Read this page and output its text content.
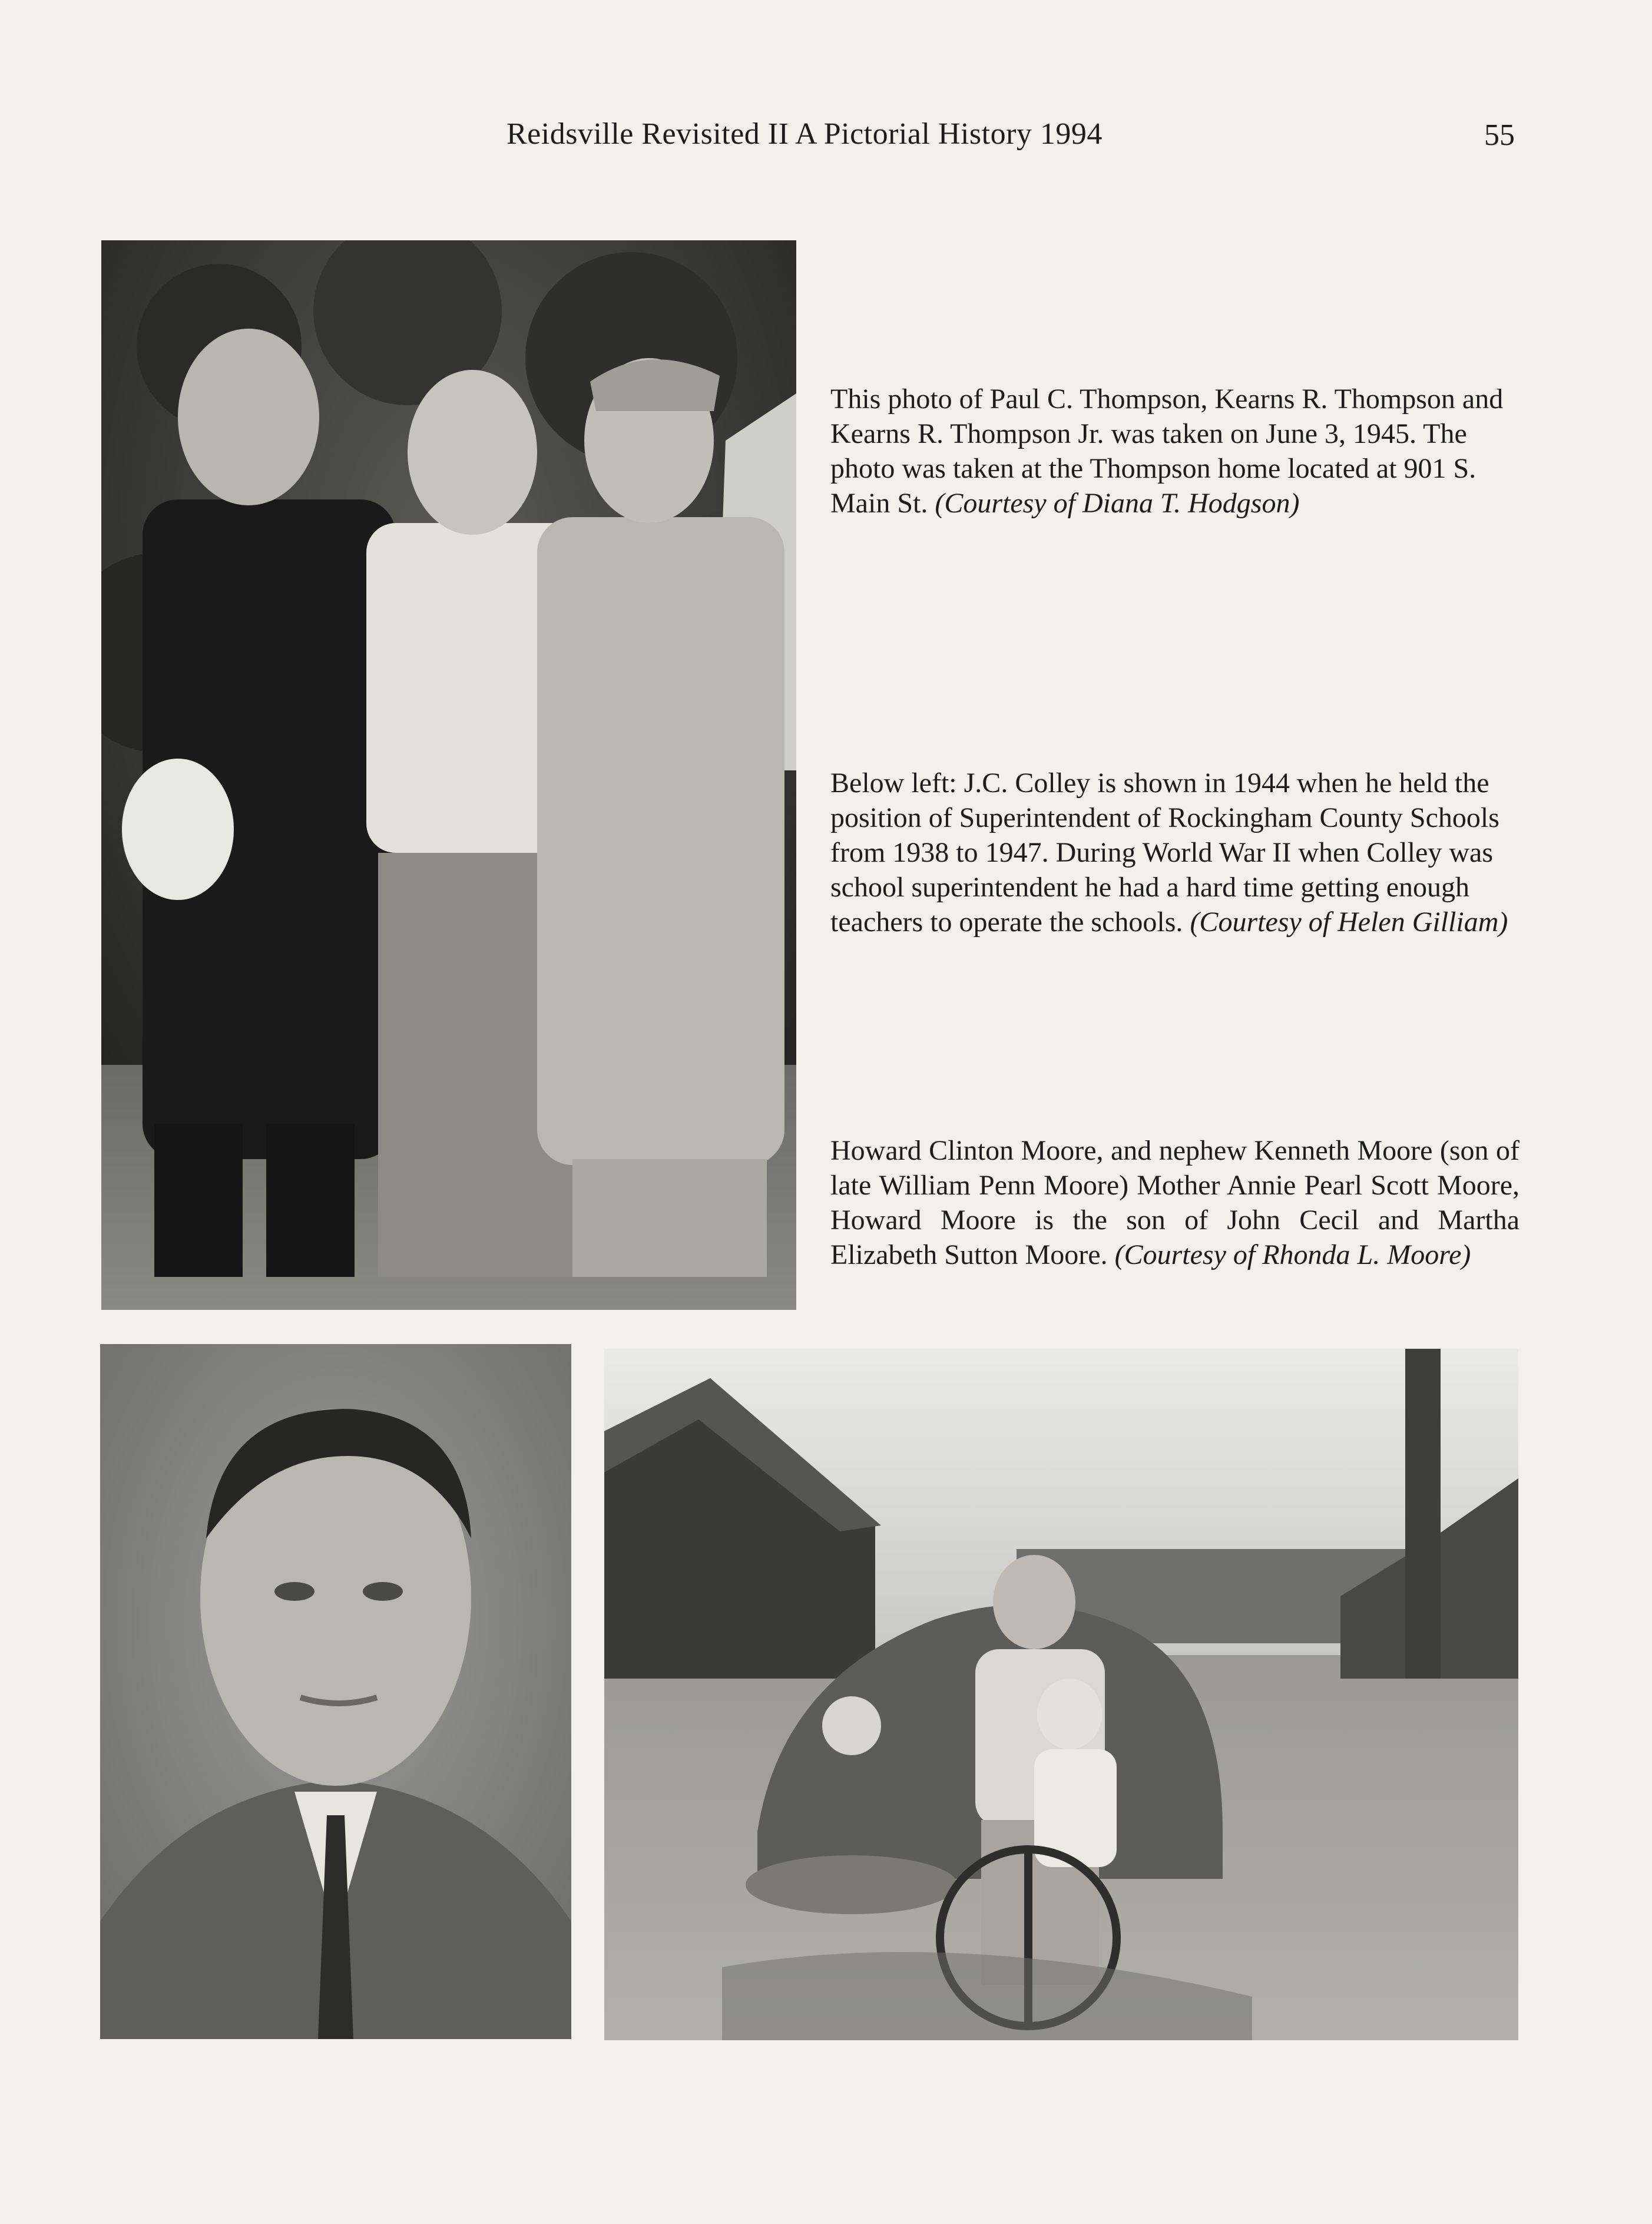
Reidsville Revisited II A Pictorial History 1994	55

This photo of Paul C. Thompson, Kearns R. Thompson and Kearns R. Thompson Jr. was taken on June 3, 1945. The photo was taken at the Thompson home located at 901 S. Main St. (Courtesy of Diana T. Hodgson)

Below left: J.C. Colley is shown in 1944 when he held the position of Superintendent of Rockingham County Schools from 1938 to 1947. During World War II when Colley was school superintendent he had a hard time getting enough teachers to operate the schools. (Courtesy of Helen Gilliam)

Howard Clinton Moore, and nephew Kenneth Moore (son of late William Penn Moore) Mother Annie Pearl Scott Moore, Howard Moore is the son of John Cecil and Martha Elizabeth Sutton Moore. (Courtesy of Rhonda L. Moore)
